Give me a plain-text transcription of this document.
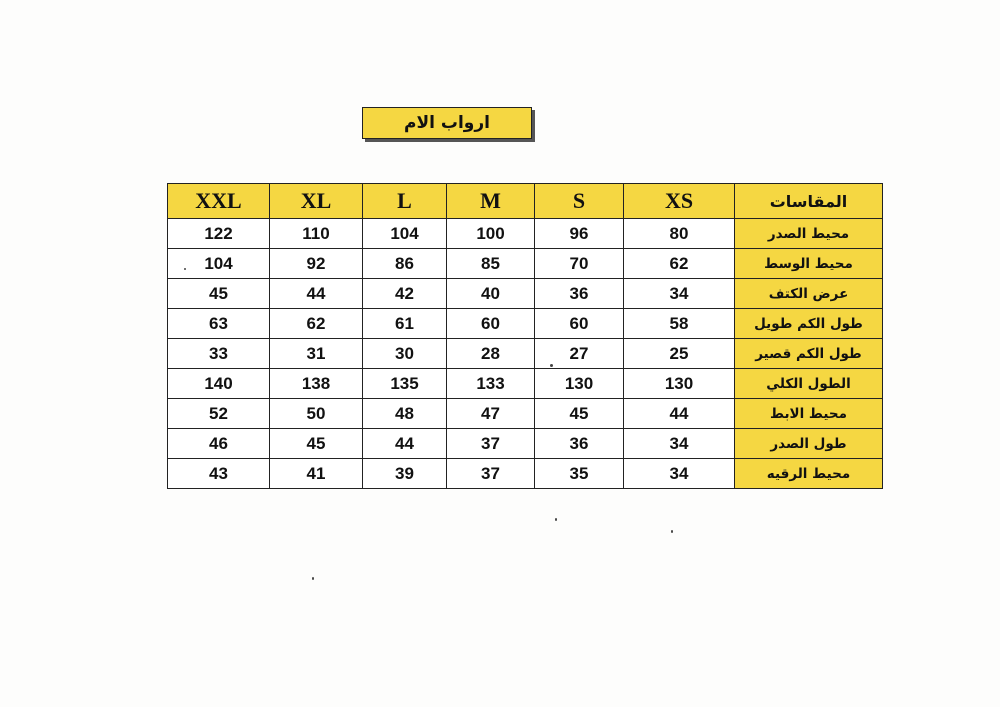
ارواب الام
XXL	XL	L	M	S	XS	المقاسات
122	110	104	100	96	80	محيط الصدر
104	92	86	85	70	62	محيط الوسط
45	44	42	40	36	34	عرض الكتف
63	62	61	60	60	58	طول الكم طويل
33	31	30	28	27	25	طول الكم قصير
140	138	135	133	130	130	الطول الكلي
52	50	48	47	45	44	محيط الابط
46	45	44	37	36	34	طول الصدر
43	41	39	37	35	34	محيط الرقيه
